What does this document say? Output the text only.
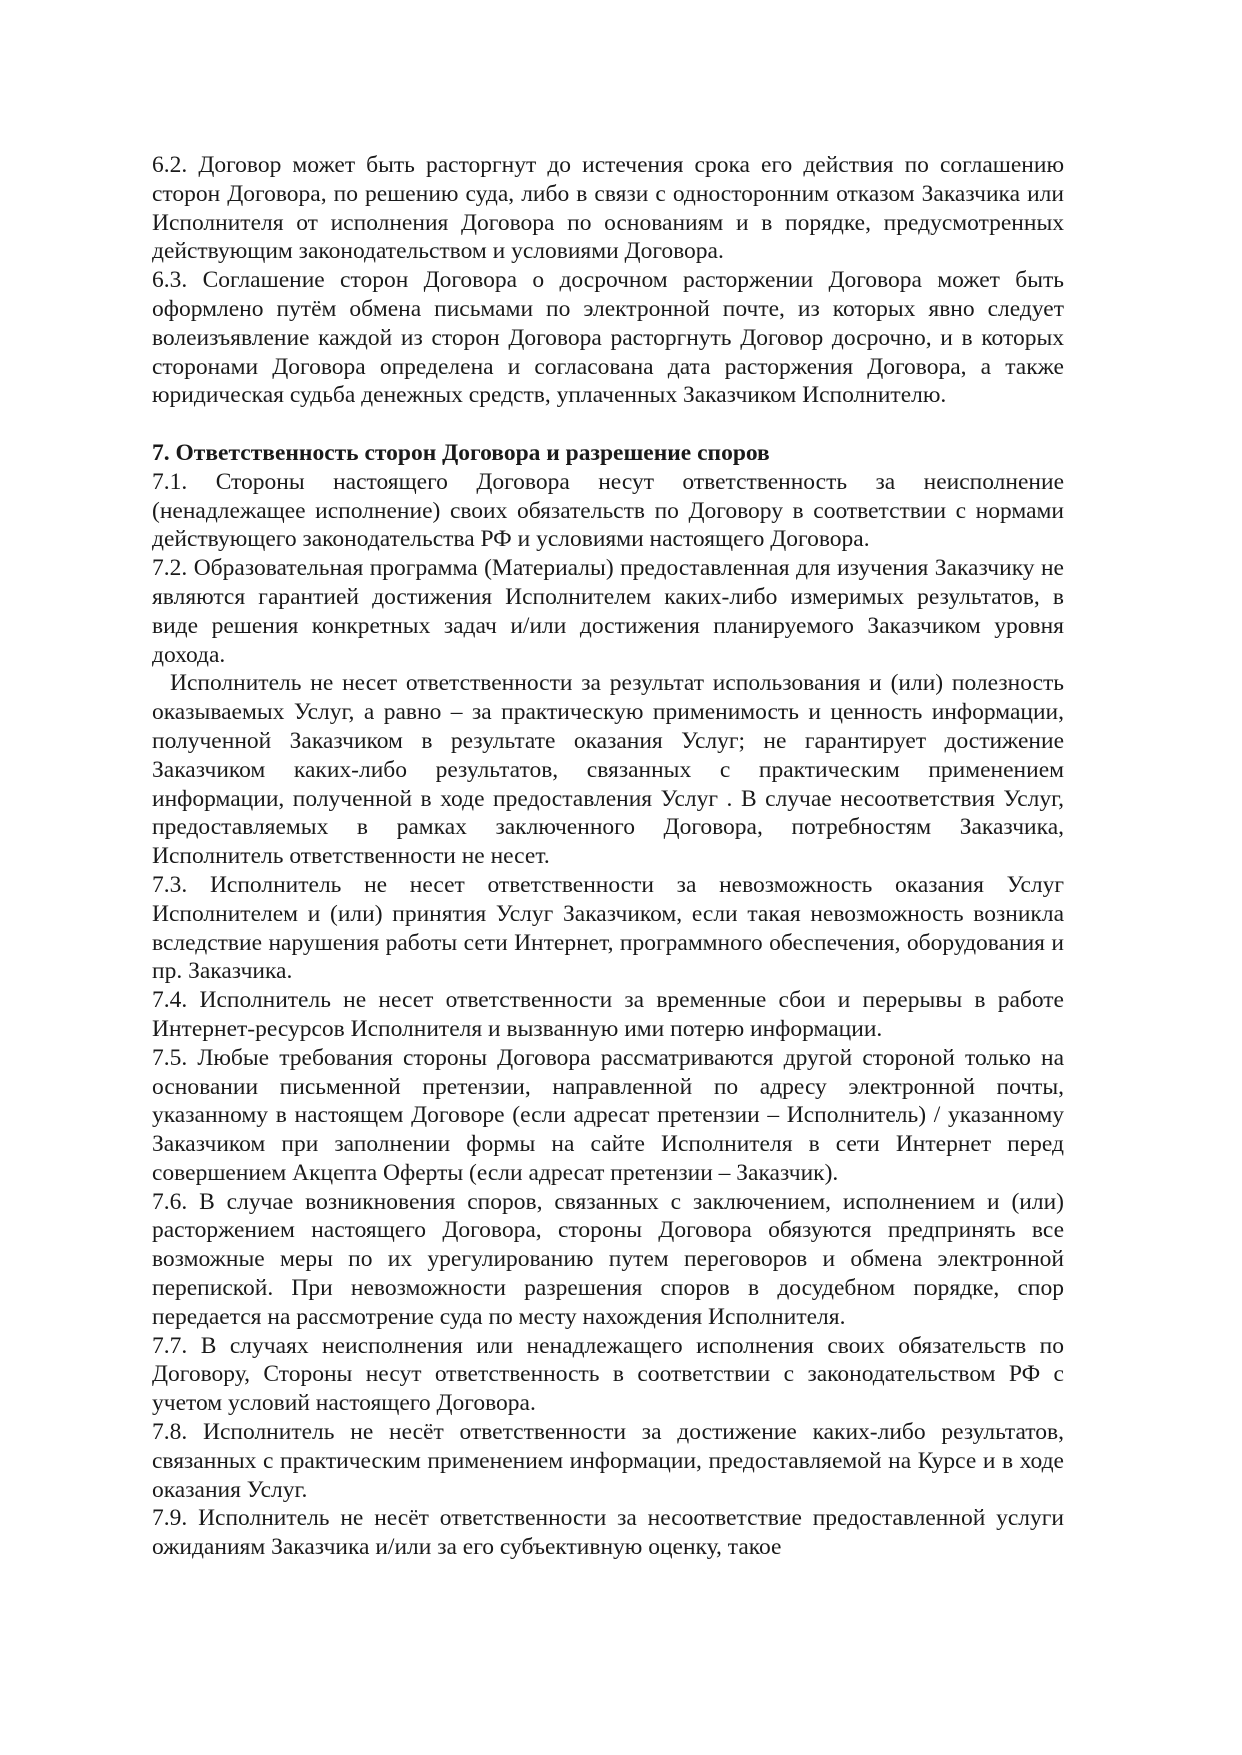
6.2. Договор может быть расторгнут до истечения срока его действия по соглашению сторон Договора, по решению суда, либо в связи с односторонним отказом Заказчика или Исполнителя от исполнения Договора по основаниям и в порядке, предусмотренных действующим законодательством и условиями Договора.

6.3. Соглашение сторон Договора о досрочном расторжении Договора может быть оформлено путём обмена письмами по электронной почте, из которых явно следует волеизъявление каждой из сторон Договора расторгнуть Договор досрочно, и в которых сторонами Договора определена и согласована дата расторжения Договора, а также юридическая судьба денежных средств, уплаченных Заказчиком Исполнителю.

7. Ответственность сторон Договора и разрешение споров

7.1. Стороны настоящего Договора несут ответственность за неисполнение (ненадлежащее исполнение) своих обязательств по Договору в соответствии с нормами действующего законодательства РФ и условиями настоящего Договора.

7.2. Образовательная программа (Материалы) предоставленная для изучения Заказчику не являются гарантией достижения Исполнителем каких-либо измеримых результатов, в виде решения конкретных задач и/или достижения планируемого Заказчиком уровня дохода.

Исполнитель не несет ответственности за результат использования и (или) полезность оказываемых Услуг, а равно – за практическую применимость и ценность информации, полученной Заказчиком в результате оказания Услуг; не гарантирует достижение Заказчиком каких-либо результатов, связанных с практическим применением информации, полученной в ходе предоставления Услуг . В случае несоответствия Услуг, предоставляемых в рамках заключенного Договора, потребностям Заказчика, Исполнитель ответственности не несет.

7.3. Исполнитель не несет ответственности за невозможность оказания Услуг Исполнителем и (или) принятия Услуг Заказчиком, если такая невозможность возникла вследствие нарушения работы сети Интернет, программного обеспечения, оборудования и пр. Заказчика.

7.4. Исполнитель не несет ответственности за временные сбои и перерывы в работе Интернет-ресурсов Исполнителя и вызванную ими потерю информации.

7.5. Любые требования стороны Договора рассматриваются другой стороной только на основании письменной претензии, направленной по адресу электронной почты, указанному в настоящем Договоре (если адресат претензии – Исполнитель) / указанному Заказчиком при заполнении формы на сайте Исполнителя в сети Интернет перед совершением Акцепта Оферты (если адресат претензии – Заказчик).

7.6. В случае возникновения споров, связанных с заключением, исполнением и (или) расторжением настоящего Договора, стороны Договора обязуются предпринять все возможные меры по их урегулированию путем переговоров и обмена электронной перепиской. При невозможности разрешения споров в досудебном порядке, спор передается на рассмотрение суда по месту нахождения Исполнителя.

7.7. В случаях неисполнения или ненадлежащего исполнения своих обязательств по Договору, Стороны несут ответственность в соответствии с законодательством РФ с учетом условий настоящего Договора.

7.8. Исполнитель не несёт ответственности за достижение каких-либо результатов, связанных с практическим применением информации, предоставляемой на Курсе и в ходе оказания Услуг.

7.9. Исполнитель не несёт ответственности за несоответствие предоставленной услуги ожиданиям Заказчика и/или за его субъективную оценку, такое
